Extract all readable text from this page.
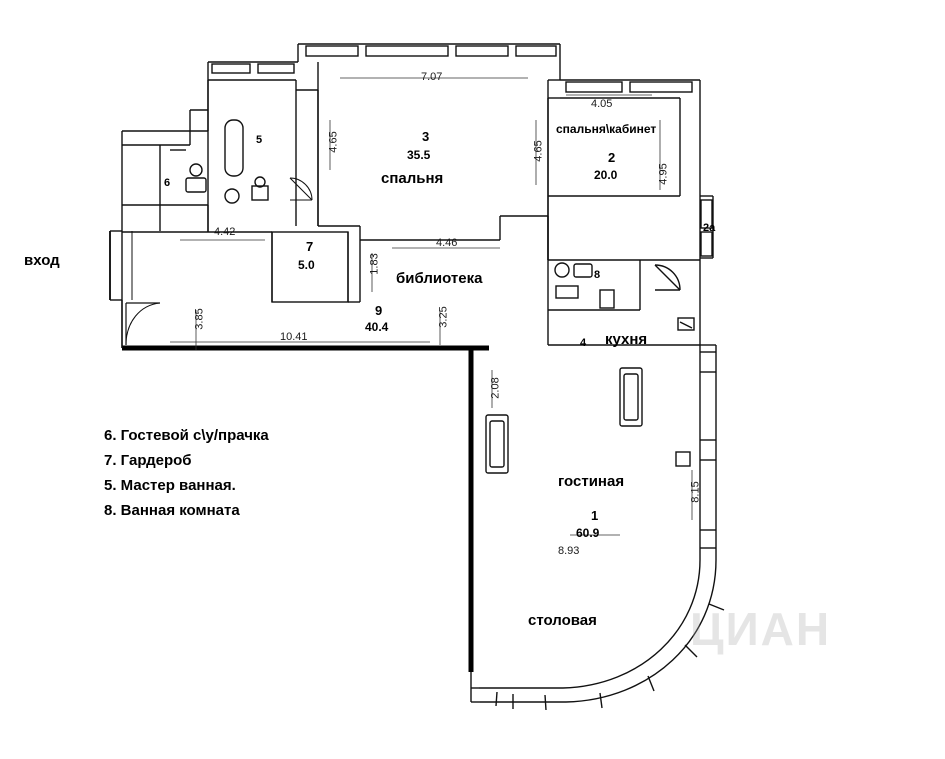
вход
3
35.5
спальня
спальня\кабинет
2
20.0
библиотека
9
40.4
7
5.0
гостиная
1
60.9
столовая
кухня
4
5
6
8
2a
7.07
4.05
4.65	4.65
4.95
4.42
4.46
1.83
3.85
10.41
3.25
2.08
8.15
8.93
6. Гостевой с\у/прачка
7. Гардероб
5. Мастер ванная.
8. Ванная комната
ЦИАН
